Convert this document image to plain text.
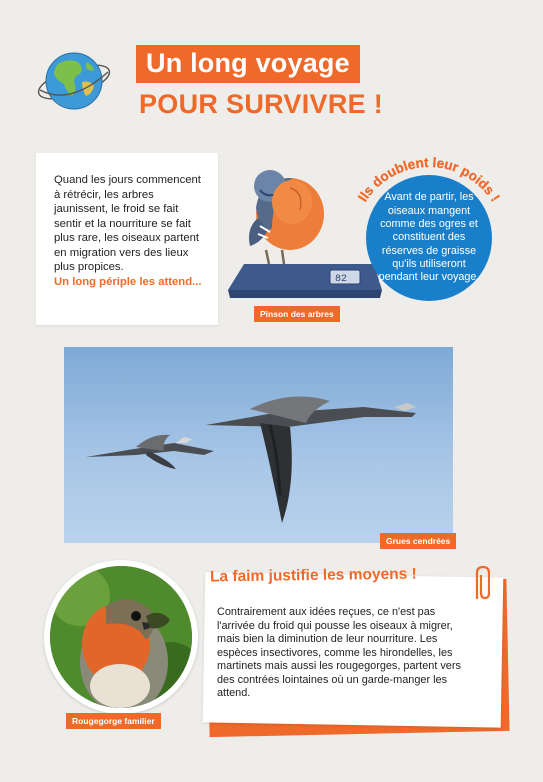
Un long voyage
POUR SURVIVRE !
Quand les jours commencent à rétrécir, les arbres jaunissent, le froid se fait sentir et la nourriture se fait plus rare, les oiseaux partent en migration vers des lieux plus propices.
Un long périple les attend...	82
Pinson des arbres
Ils doublent leur poids !
Avant de partir, les oiseaux mangent comme des ogres et constituent des réserves de graisse qu'ils utiliseront pendant leur voyage.
Grues cendrées
La faim justifie les moyens !
Contrairement aux idées reçues, ce n'est pas l'arrivée du froid qui pousse les oiseaux à migrer, mais bien la diminution de leur nourriture. Les espèces insectivores, comme les hirondelles, les martinets mais aussi les rougegorges, partent vers des contrées lointaines où un garde-manger les attend.
Rougegorge familier
